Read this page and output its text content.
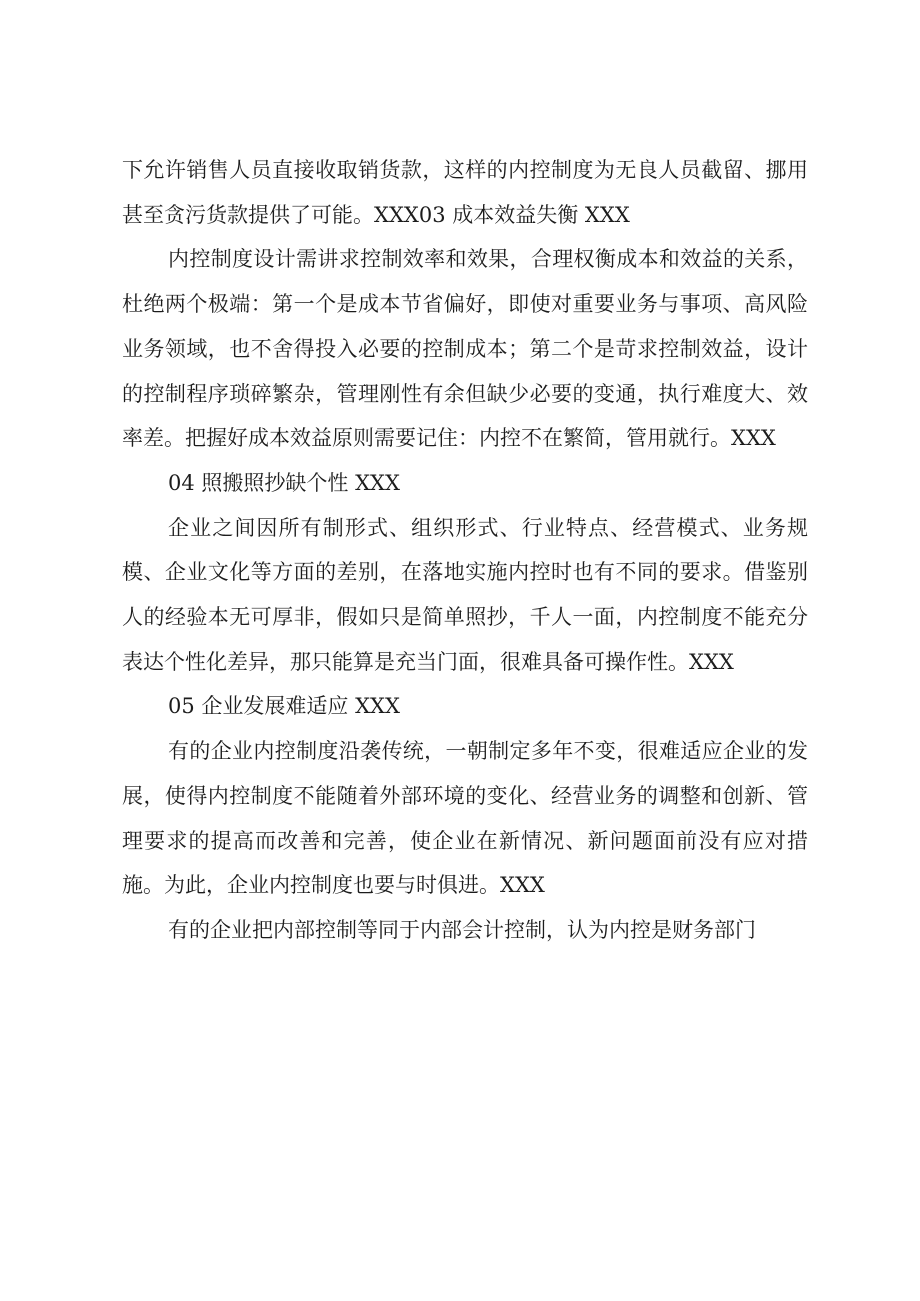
下允许销售人员直接收取销货款，这样的内控制度为无良人员截留、挪用甚至贪污货款提供了可能。XXX03 成本效益失衡 XXX

内控制度设计需讲求控制效率和效果，合理权衡成本和效益的关系，杜绝两个极端：第一个是成本节省偏好，即使对重要业务与事项、高风险业务领域，也不舍得投入必要的控制成本；第二个是苛求控制效益，设计的控制程序琐碎繁杂，管理刚性有余但缺少必要的变通，执行难度大、效率差。把握好成本效益原则需要记住：内控不在繁简，管用就行。XXX

04 照搬照抄缺个性 XXX

企业之间因所有制形式、组织形式、行业特点、经营模式、业务规模、企业文化等方面的差别，在落地实施内控时也有不同的要求。借鉴别人的经验本无可厚非，假如只是简单照抄，千人一面，内控制度不能充分表达个性化差异，那只能算是充当门面，很难具备可操作性。XXX

05 企业发展难适应 XXX

有的企业内控制度沿袭传统，一朝制定多年不变，很难适应企业的发展，使得内控制度不能随着外部环境的变化、经营业务的调整和创新、管理要求的提高而改善和完善，使企业在新情况、新问题面前没有应对措施。为此，企业内控制度也要与时俱进。XXX

有的企业把内部控制等同于内部会计控制，认为内控是财务部门
